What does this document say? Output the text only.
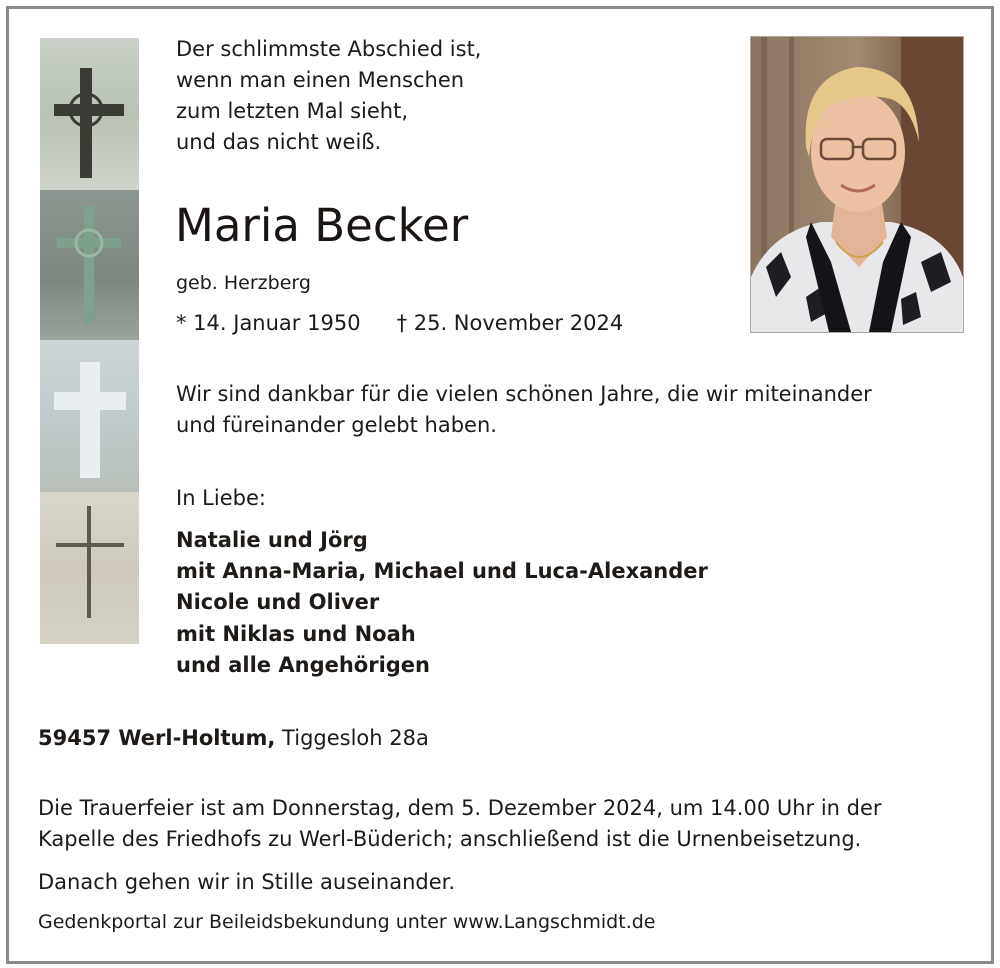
Der schlimmste Abschied ist,
wenn man einen Menschen
zum letzten Mal sieht,
und das nicht weiß.
Maria Becker
geb. Herzberg
* 14. Januar 1950 † 25. November 2024
Wir sind dankbar für die vielen schönen Jahre, die wir miteinander
und füreinander gelebt haben.
In Liebe:
Natalie und Jörg
mit Anna-Maria, Michael und Luca-Alexander
Nicole und Oliver
mit Niklas und Noah
und alle Angehörigen
59457 Werl-Holtum, Tiggesloh 28a
Die Trauerfeier ist am Donnerstag, dem 5. Dezember 2024, um 14.00 Uhr in der
Kapelle des Friedhofs zu Werl-Büderich; anschließend ist die Urnenbeisetzung.
Danach gehen wir in Stille auseinander.
Gedenkportal zur Beileidsbekundung unter www.Langschmidt.de
